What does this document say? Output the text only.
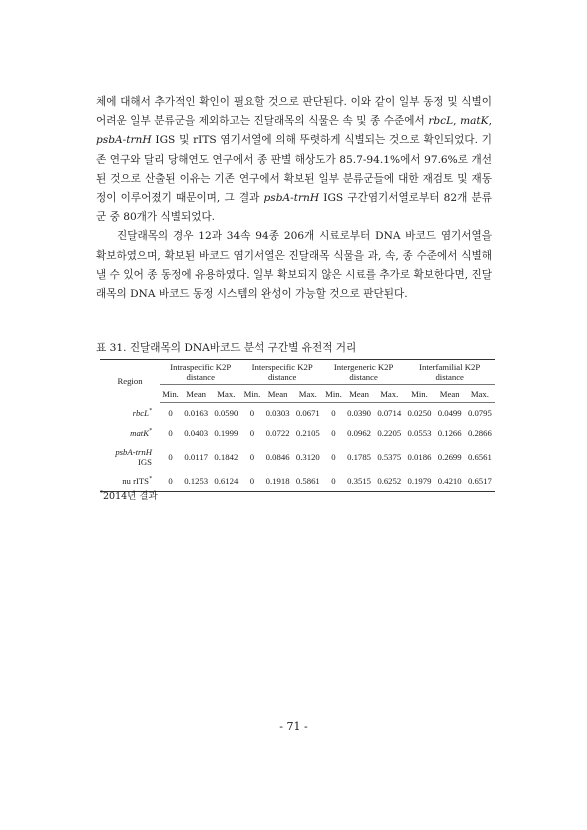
체에 대해서 추가적인 확인이 필요할 것으로 판단된다. 이와 같이 일부 동정 및 식별이 어려운 일부 분류군을 제외하고는 진달래목의 식물은 속 및 종 수준에서 rbcL, matK, psbA-trnH IGS 및 rITS 염기서열에 의해 뚜렷하게 식별되는 것으로 확인되었다. 기존 연구와 달리 당해연도 연구에서 종 판별 해상도가 85.7-94.1%에서 97.6%로 개선된 것으로 산출된 이유는 기존 연구에서 확보된 일부 분류군들에 대한 재검토 및 재동정이 이루어졌기 때문이며, 그 결과 psbA-trnH IGS 구간염기서열로부터 82개 분류군 중 80개가 식별되었다.

진달래목의 경우 12과 34속 94종 206개 시료로부터 DNA 바코드 염기서열을 확보하였으며, 확보된 바코드 염기서열은 진달래목 식물을 과, 속, 종 수준에서 식별해 낼 수 있어 종 동정에 유용하였다. 일부 확보되지 않은 시료를 추가로 확보한다면, 진달래목의 DNA 바코드 동정 시스템의 완성이 가능할 것으로 판단된다.

표 31. 진달래목의 DNA바코드 분석 구간별 유전적 거리
Region	Intraspecific K2P
distance			Interspecific K2P
distance			Intergeneric K2P
distance			Interfamilial K2P
distance		
	Min.	Mean	Max.	Min.	Mean	Max.	Min.	Mean	Max.	Min.	Mean	Max.
rbcL*	0	0.0163	0.0590	0	0.0303	0.0671	0	0.0390	0.0714	0.0250	0.0499	0.0795
matK*	0	0.0403	0.1999	0	0.0722	0.2105	0	0.0962	0.2205	0.0553	0.1266	0.2866
psbA-trnH
IGS	0	0.0117	0.1842	0	0.0846	0.3120	0	0.1785	0.5375	0.0186	0.2699	0.6561
nu rITS*	0	0.1253	0.6124	0	0.1918	0.5861	0	0.3515	0.6252	0.1979	0.4210	0.6517
*2014년 결과
- 71 -
